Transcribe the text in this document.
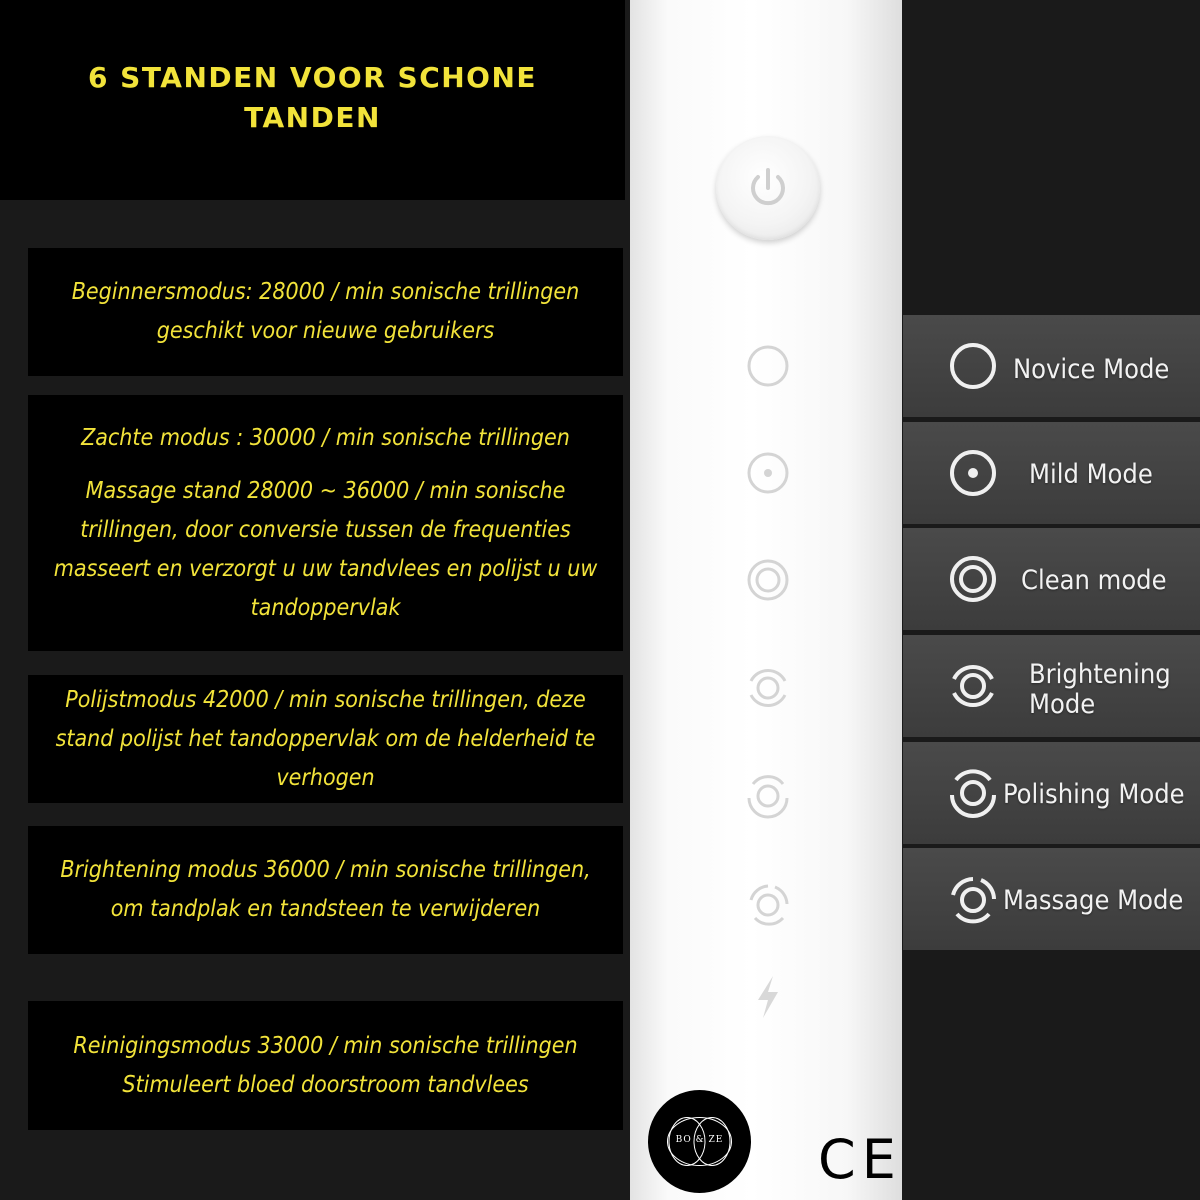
6 STANDEN VOOR SCHONE
TANDEN

Beginnersmodus: 28000 / min sonische trillingen geschikt voor nieuwe gebruikers

Zachte modus : 30000 / min sonische trillingen

Massage stand 28000 ~ 36000 / min sonische trillingen, door conversie tussen de frequenties masseert en verzorgt u uw tandvlees en polijst u uw tandoppervlak

Polijstmodus 42000 / min sonische trillingen, deze stand polijst het tandoppervlak om de helderheid te verhogen

Brightening modus 36000 / min sonische trillingen, om tandplak en tandsteen te verwijderen

Reinigingsmodus 33000 / min sonische trillingen Stimuleert bloed doorstroom tandvlees

Novice Mode
Mild Mode
Clean mode
Brightening
Mode
Polishing Mode
Massage Mode
BO & ZE	CE
